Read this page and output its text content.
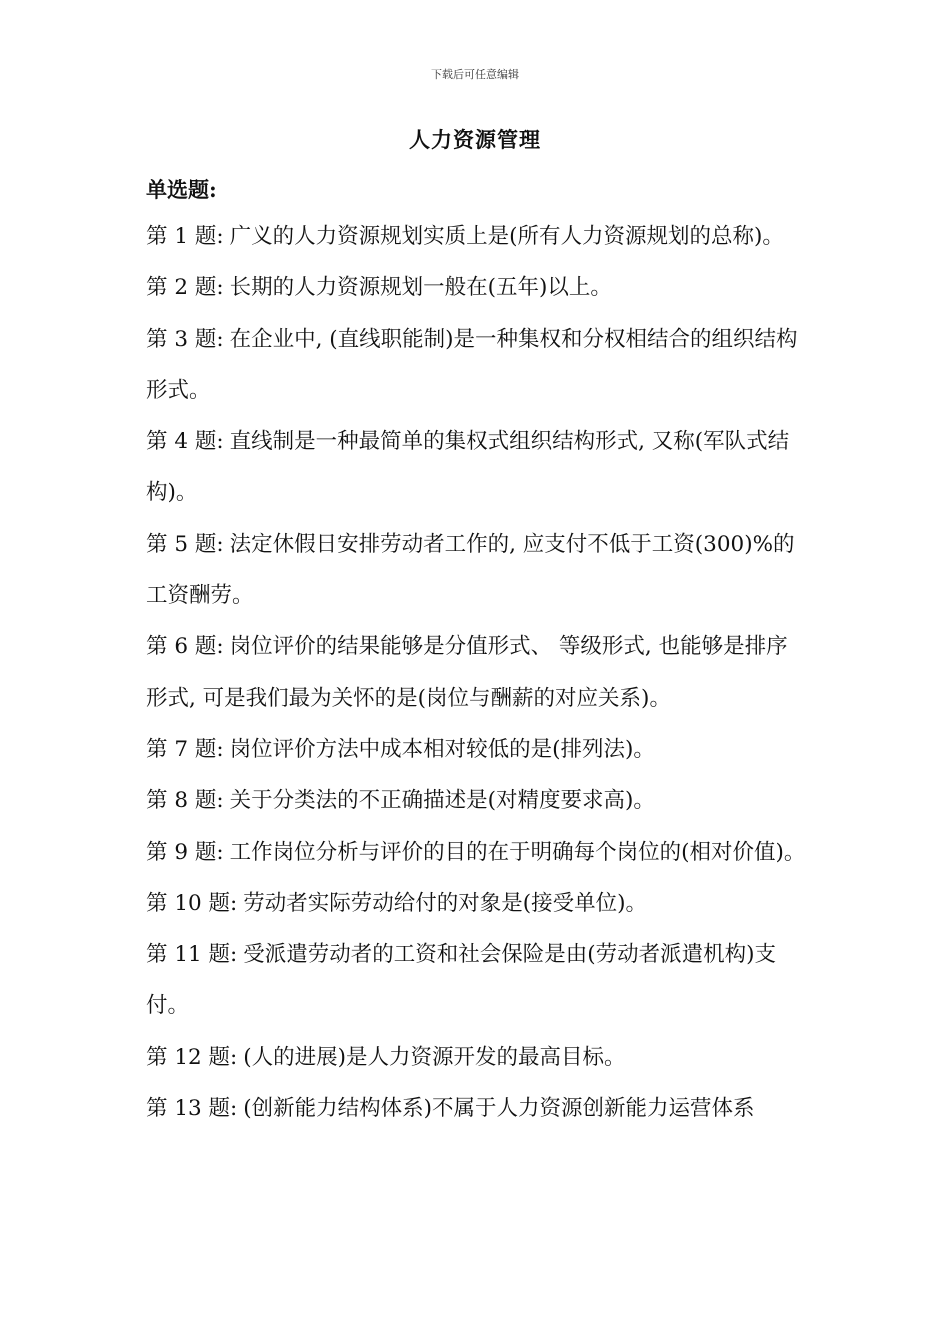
下载后可任意编辑
人力资源管理
单选题:
第 1 题: 广义的人力资源规划实质上是(所有人力资源规划的总称)。
第 2 题: 长期的人力资源规划一般在(五年)以上。
第 3 题: 在企业中, (直线职能制)是一种集权和分权相结合的组织结构形式。
第 4 题: 直线制是一种最简单的集权式组织结构形式, 又称(军队式结构)。
第 5 题: 法定休假日安排劳动者工作的, 应支付不低于工资(300)%的工资酬劳。
第 6 题: 岗位评价的结果能够是分值形式、 等级形式, 也能够是排序形式, 可是我们最为关怀的是(岗位与酬薪的对应关系)。
第 7 题: 岗位评价方法中成本相对较低的是(排列法)。
第 8 题: 关于分类法的不正确描述是(对精度要求高)。
第 9 题: 工作岗位分析与评价的目的在于明确每个岗位的(相对价值)。
第 10 题: 劳动者实际劳动给付的对象是(接受单位)。
第 11 题: 受派遣劳动者的工资和社会保险是由(劳动者派遣机构)支付。
第 12 题: (人的进展)是人力资源开发的最高目标。
第 13 题: (创新能力结构体系)不属于人力资源创新能力运营体系
